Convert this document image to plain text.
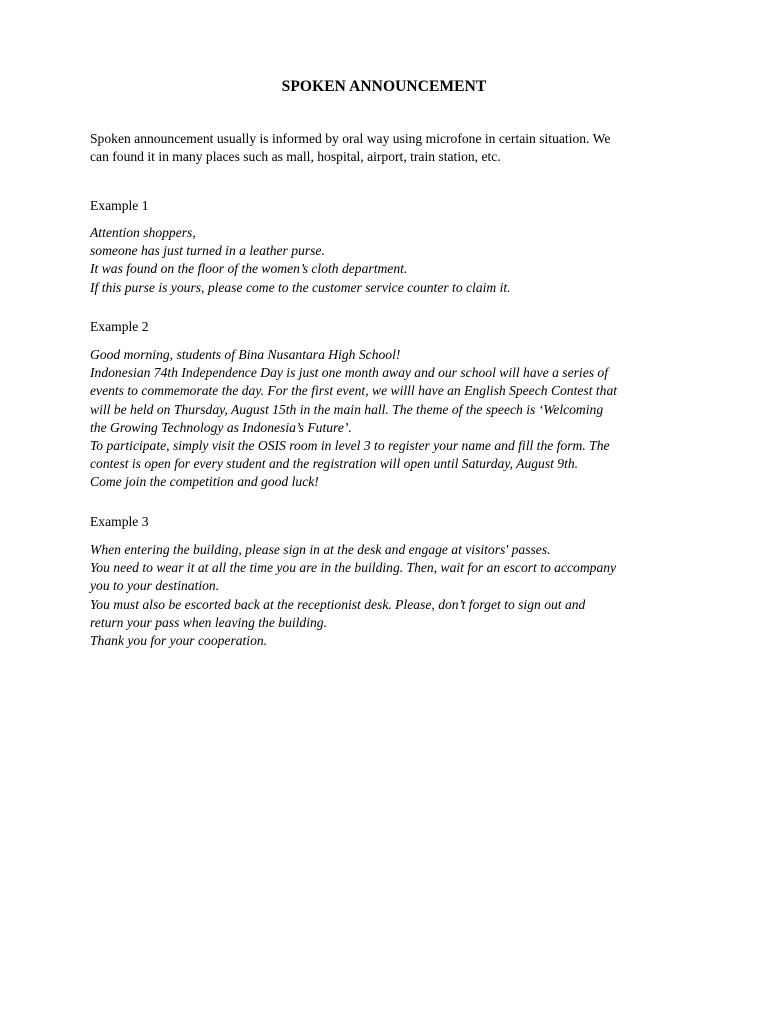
SPOKEN ANNOUNCEMENT
Spoken announcement usually is informed by oral way using microfone in certain situation. We
can found it in many places such as mall, hospital, airport, train station, etc.
Example 1
Attention shoppers,
someone has just turned in a leather purse.
It was found on the floor of the women’s cloth department.
If this purse is yours, please come to the customer service counter to claim it.
Example 2
Good morning, students of Bina Nusantara High School!
Indonesian 74th Independence Day is just one month away and our school will have a series of
events to commemorate the day. For the first event, we willl have an English Speech Contest that
will be held on Thursday, August 15th in the main hall. The theme of the speech is ‘Welcoming
the Growing Technology as Indonesia’s Future’.
To participate, simply visit the OSIS room in level 3 to register your name and fill the form. The
contest is open for every student and the registration will open until Saturday, August 9th.
Come join the competition and good luck!
Example 3
When entering the building, please sign in at the desk and engage at visitors' passes.
You need to wear it at all the time you are in the building. Then, wait for an escort to accompany
you to your destination.
You must also be escorted back at the receptionist desk. Please, don’t forget to sign out and
return your pass when leaving the building.
Thank you for your cooperation.
